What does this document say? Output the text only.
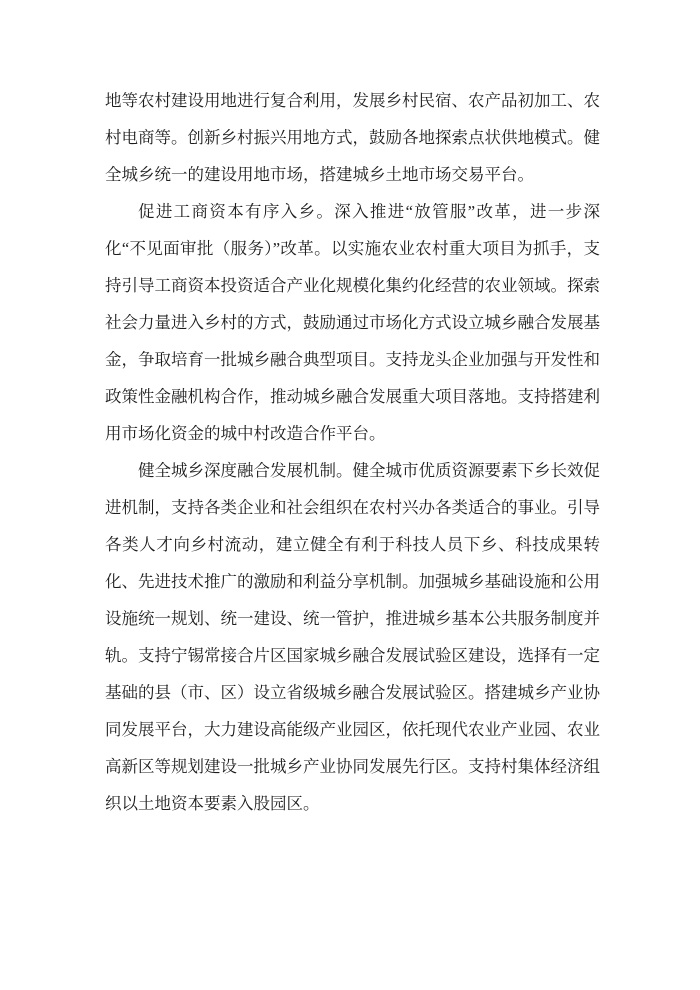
地等农村建设用地进行复合利用，发展乡村民宿、农产品初加工、农村电商等。创新乡村振兴用地方式，鼓励各地探索点状供地模式。健全城乡统一的建设用地市场，搭建城乡土地市场交易平台。

促进工商资本有序入乡。深入推进“放管服”改革，进一步深化“不见面审批（服务）”改革。以实施农业农村重大项目为抓手，支持引导工商资本投资适合产业化规模化集约化经营的农业领域。探索社会力量进入乡村的方式，鼓励通过市场化方式设立城乡融合发展基金，争取培育一批城乡融合典型项目。支持龙头企业加强与开发性和政策性金融机构合作，推动城乡融合发展重大项目落地。支持搭建利用市场化资金的城中村改造合作平台。

健全城乡深度融合发展机制。健全城市优质资源要素下乡长效促进机制，支持各类企业和社会组织在农村兴办各类适合的事业。引导各类人才向乡村流动，建立健全有利于科技人员下乡、科技成果转化、先进技术推广的激励和利益分享机制。加强城乡基础设施和公用设施统一规划、统一建设、统一管护，推进城乡基本公共服务制度并轨。支持宁锡常接合片区国家城乡融合发展试验区建设，选择有一定基础的县（市、区）设立省级城乡融合发展试验区。搭建城乡产业协同发展平台，大力建设高能级产业园区，依托现代农业产业园、农业高新区等规划建设一批城乡产业协同发展先行区。支持村集体经济组织以土地资本要素入股园区。
